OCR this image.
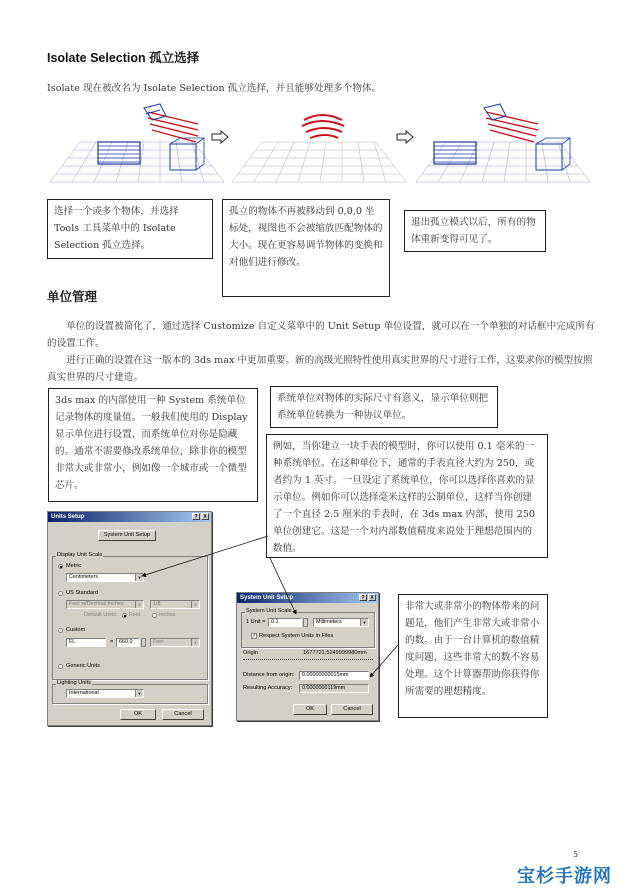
Isolate Selection 孤立选择
Isolate 现在被改名为 Isolate Selection 孤立选择，并且能够处理多个物体。
选择一个或多个物体，并选择 Tools 工具菜单中的 Isolate Selection 孤立选择。
孤立的物体不再被移动到 0,0,0 坐标处，视图也不会被缩放匹配物体的大小。现在更容易调节物体的变换和对他们进行修改。
退出孤立模式以后，所有的物体重新变得可见了。
单位管理
单位的设置被简化了，通过选择 Customize 自定义菜单中的 Unit Setup 单位设置，就可以在一个单独的对话框中完成所有的设置工作。
进行正确的设置在这一版本的 3ds max 中更加重要。新的高级光照特性使用真实世界的尺寸进行工作，这要求你的模型按照真实世界的尺寸建造。
3ds max 的内部使用一种 System 系统单位记录物体的度量值。一般我们使用的 Display 显示单位进行设置，而系统单位对你是隐藏的。通常不需要修改系统单位，除非你的模型非常大或非常小，例如像一个城市或一个微型芯片。
系统单位对物体的实际尺寸有意义，显示单位则把系统单位转换为一种协议单位。
例如，当你建立一块手表的模型时，你可以使用 0.1 毫米的一种系统单位。在这种单位下，通常的手表直径大约为 250，或者约为 1 英寸。一旦设定了系统单位，你可以选择你喜欢的显示单位。例如你可以选择毫米这样的公制单位，这样当你创建了一个直径 2.5 厘米的手表时，在 3ds max 内部，使用 250 单位创建它。这是一个对内部数值精度来说处于理想范围内的数值。
非常大或非常小的物体带来的问题是，他们产生非常大或非常小的数。由于一台计算机的数值精度问题，这些非常大的数不容易处理。这个计算器帮助你获得你所需要的理想精度。
Units Setup	?	X
System Unit Setup
Display Unit Scale
Metric
Centimeters	▼
US Standard
Feet w/Decimal Inches	▼	1/8	▼
Default Units: Feet	Inches
Custom
FL	=	660.0	Feet	▼
Generic Units
Lighting Units
International	▼
OK	Cancel
System Unit Setup	?	X
System Unit Scale
1 Unit =	0.1	Millimeters	▼
✓ Respect System Units in Files
Origin	1677721.5249999980mm
Distance from origin:	0.00000000015mm
Resulting Accuracy:	0.0000000119mm
OK	Cancel
5
宝杉手游网
